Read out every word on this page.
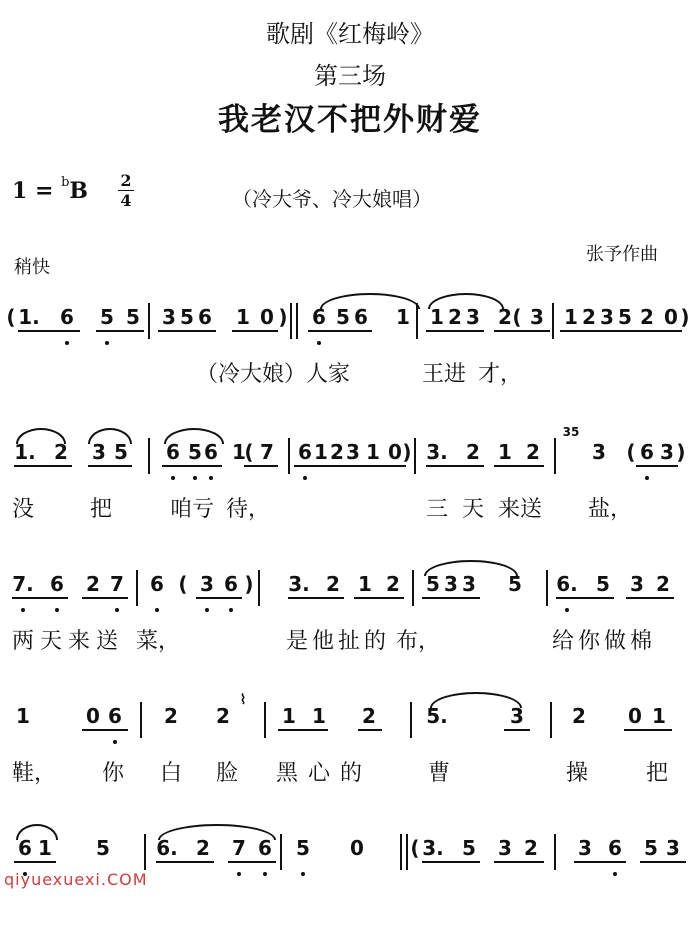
歌剧《红梅岭》
第三场
我老汉不把外财爱
1 = $^b$B 2
4	（冷大爷、冷大娘唱）
稍快
张予作曲
( 1. 6 5 5 3 5 6 1 0 ) 6 5 6 1 1 2 3 2 ( 3 1 2 3 5 2 0 )
（冷大娘）人家	王进 才，
1. 2 3 5 6 5 6 1
( 7 6 1 2 3 1 0 ) 3. 2 1 2
35
3 ( 6 3 )
没	把	咱亏 待，	三 天 来送 盐，
7. 6 2 7 6 ( 3 6 ) 3. 2 1 2 5 3 3 5 6. 5 3 2
两天来送 菜，	是他扯的 布，	给你做棉
1	0 6 2 2
⌇
1 1 2	5.	3 2 0 1
鞋， 你 白 脸 黑心的	曹	操	把
6 1 5 6. 2 7 6 5 0 ( 3. 5 3 2 3 6 5 3
qiyuexuexi.COM
